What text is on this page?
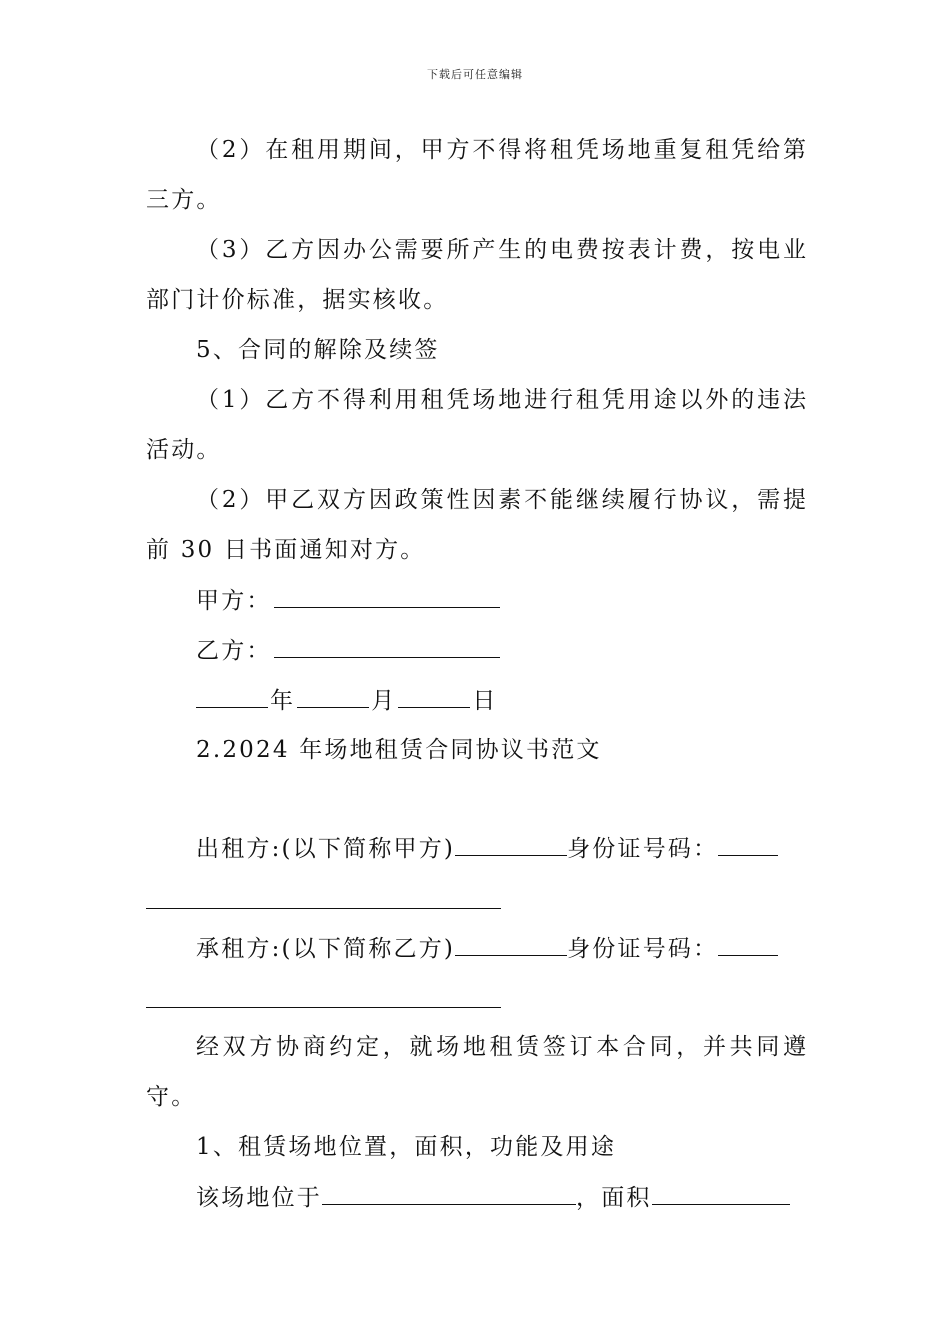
下载后可任意编辑
（2）在租用期间，甲方不得将租凭场地重复租凭给第
三方。
（3）乙方因办公需要所产生的电费按表计费，按电业
部门计价标准，据实核收。
5、合同的解除及续签
（1）乙方不得利用租凭场地进行租凭用途以外的违法
活动。
（2）甲乙双方因政策性因素不能继续履行协议，需提
前 30 日书面通知对方。
甲方：
乙方：
年	月	日
2.2024 年场地租赁合同协议书范文
出租方:(以下简称甲方)	身份证号码：
承租方:(以下简称乙方)	身份证号码：
经双方协商约定，就场地租赁签订本合同，并共同遵
守。
1、租赁场地位置，面积，功能及用途
该场地位于	，面积
